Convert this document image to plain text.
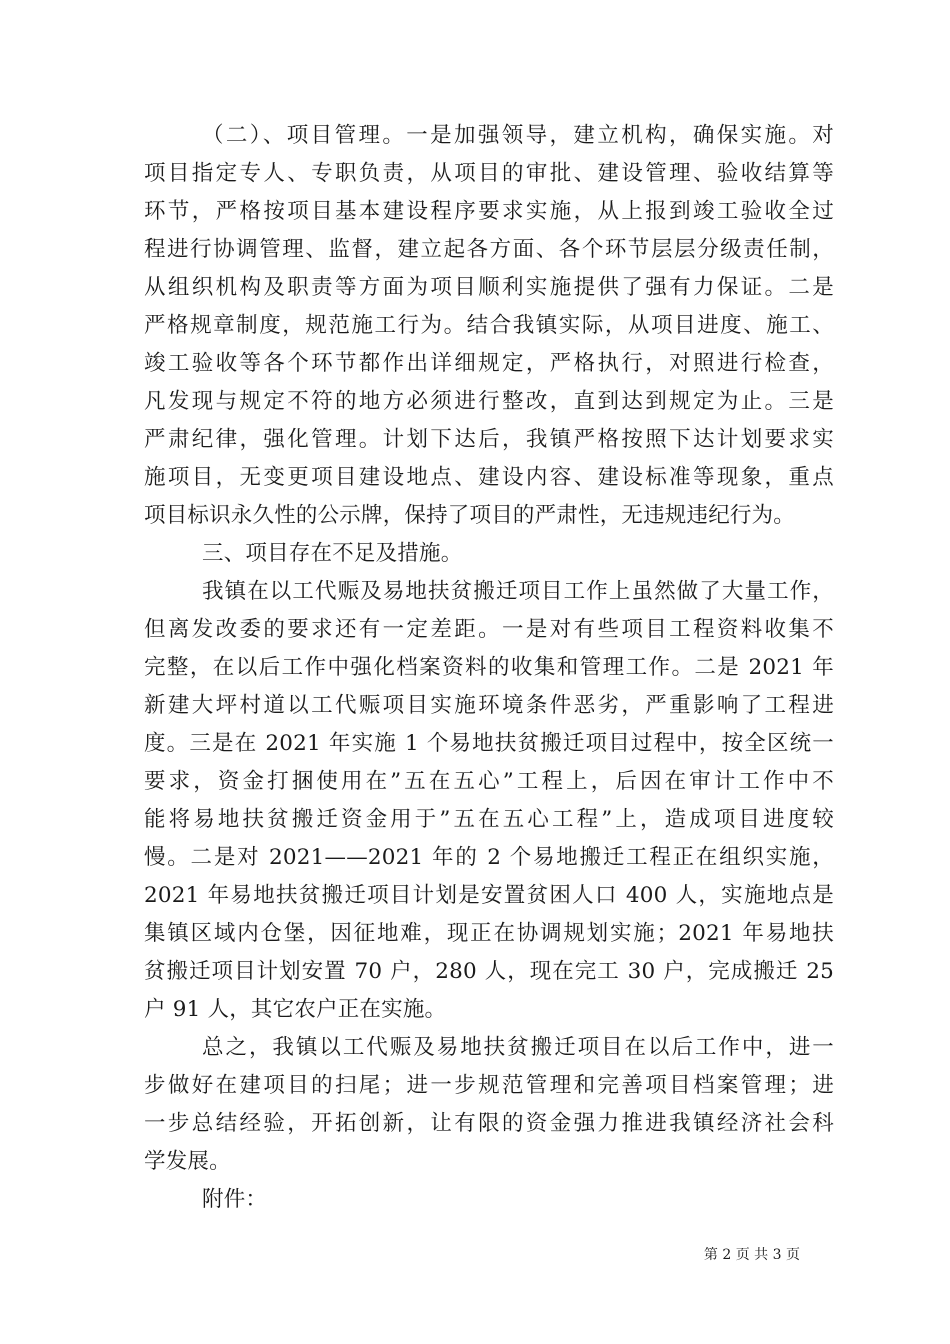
（二）、项目管理。一是加强领导，建立机构，确保实施。对
项目指定专人、专职负责，从项目的审批、建设管理、验收结算等
环节，严格按项目基本建设程序要求实施，从上报到竣工验收全过
程进行协调管理、监督，建立起各方面、各个环节层层分级责任制，
从组织机构及职责等方面为项目顺利实施提供了强有力保证。二是
严格规章制度，规范施工行为。结合我镇实际，从项目进度、施工、
竣工验收等各个环节都作出详细规定，严格执行，对照进行检查，
凡发现与规定不符的地方必须进行整改，直到达到规定为止。三是
严肃纪律，强化管理。计划下达后，我镇严格按照下达计划要求实
施项目，无变更项目建设地点、建设内容、建设标准等现象，重点
项目标识永久性的公示牌，保持了项目的严肃性，无违规违纪行为。
三、项目存在不足及措施。
我镇在以工代赈及易地扶贫搬迁项目工作上虽然做了大量工作，
但离发改委的要求还有一定差距。一是对有些项目工程资料收集不
完整，在以后工作中强化档案资料的收集和管理工作。二是 2021 年
新建大坪村道以工代赈项目实施环境条件恶劣，严重影响了工程进
度。三是在 2021 年实施 1 个易地扶贫搬迁项目过程中，按全区统一
要求，资金打捆使用在”五在五心”工程上，后因在审计工作中不
能将易地扶贫搬迁资金用于”五在五心工程”上，造成项目进度较
慢。二是对 2021——2021 年的 2 个易地搬迁工程正在组织实施，
2021 年易地扶贫搬迁项目计划是安置贫困人口 400 人，实施地点是
集镇区域内仓堡，因征地难，现正在协调规划实施；2021 年易地扶
贫搬迁项目计划安置 70 户，280 人，现在完工 30 户，完成搬迁 25
户 91 人，其它农户正在实施。
总之，我镇以工代赈及易地扶贫搬迁项目在以后工作中，进一
步做好在建项目的扫尾；进一步规范管理和完善项目档案管理；进
一步总结经验，开拓创新，让有限的资金强力推进我镇经济社会科
学发展。
附件：
第 2 页 共 3 页
